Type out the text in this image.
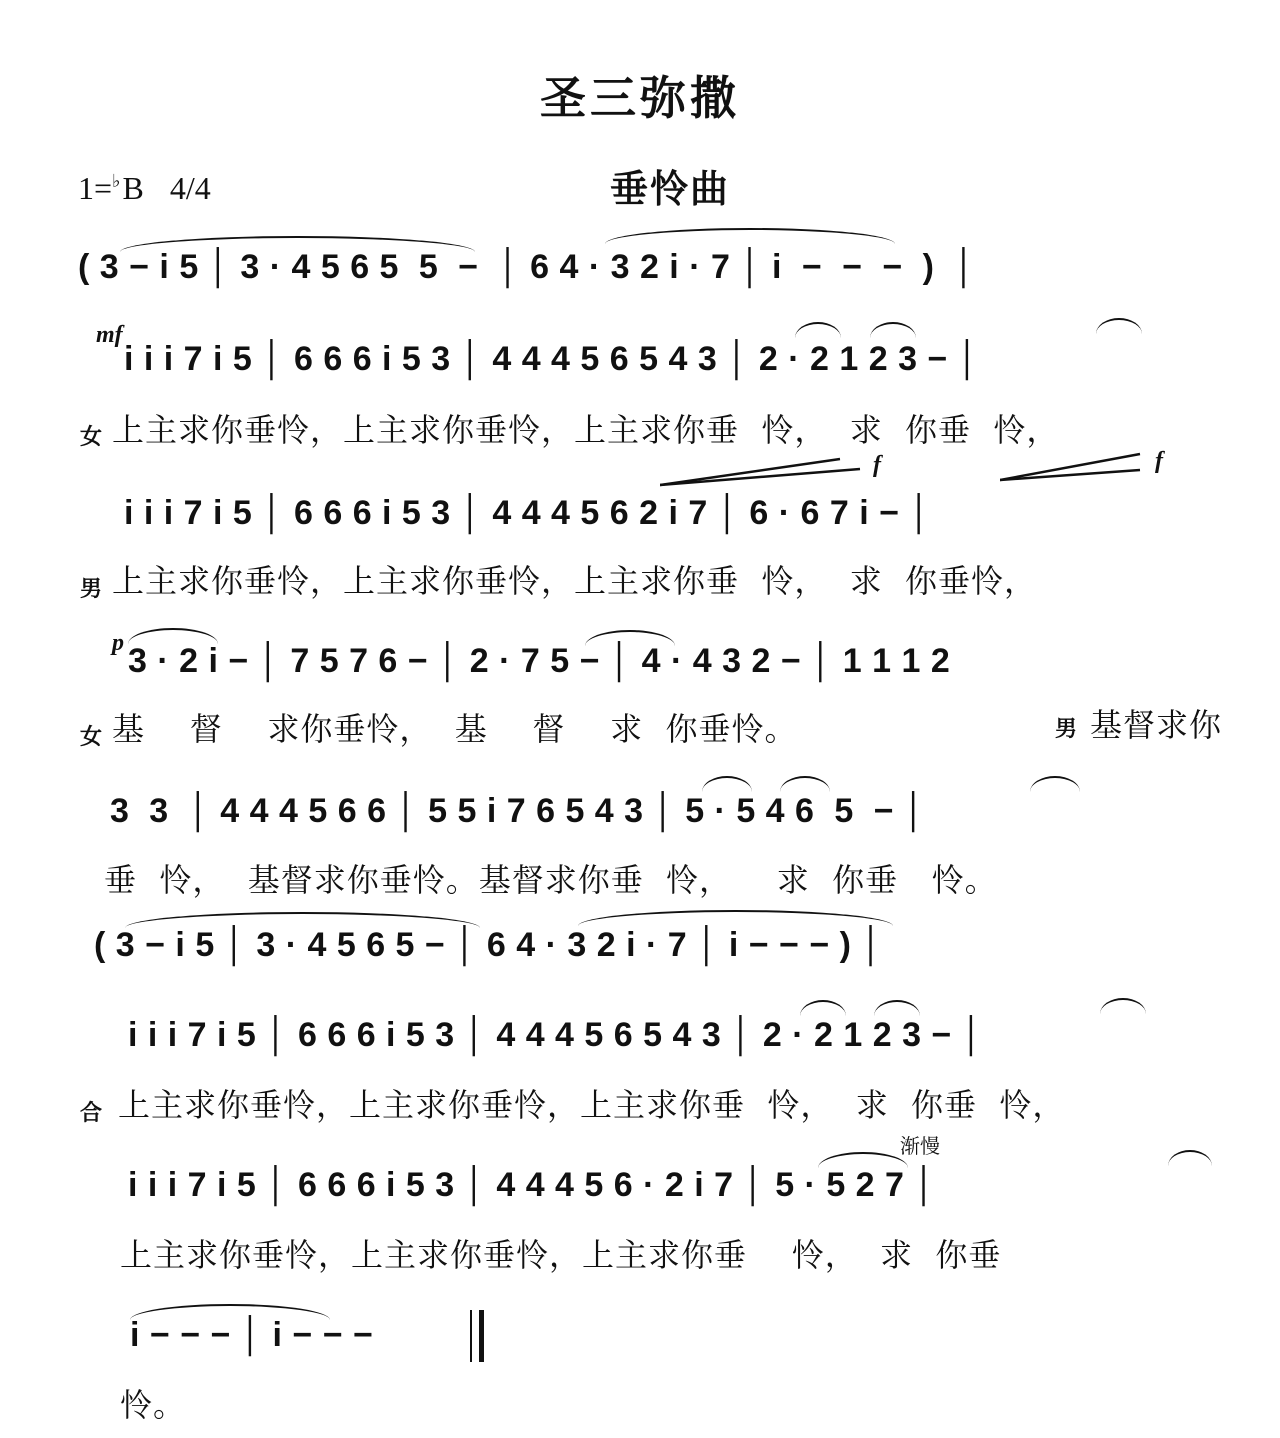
圣三弥撒
垂怜曲
1=♭B 4/4
( 3 − i 5 │ 3 · 4 5 6 5  5  −  │ 6 4 · 3 2 i · 7 │ i  −  −  −  )  │
mf
i i i 7 i 5 │ 6 6 6 i 5 3 │ 4 4 4 5 6 5 4 3 │ 2 · 2 1 2 3 − │
女 上主求你垂怜，上主求你垂怜，上主求你垂  怜，  求  你垂  怜，
f	f
i i i 7 i 5 │ 6 6 6 i 5 3 │ 4 4 4 5 6 2 i 7 │ 6 · 6 7 i − │
男 上主求你垂怜，上主求你垂怜，上主求你垂  怜，  求  你垂怜，
p 3 · 2 i − │ 7 5 7 6 − │ 2 · 7 5 − │ 4 · 4 3 2 − │ 1 1 1 2
女 基    督    求你垂怜，  基    督    求  你垂怜。	男 基督求你
3  3  │ 4 4 4 5 6 6 │ 5 5 i 7 6 5 4 3 │ 5 · 5 4 6  5  − │
垂  怜，  基督求你垂怜。基督求你垂  怜，    求  你垂   怜。
( 3 − i 5 │ 3 · 4 5 6 5 − │ 6 4 · 3 2 i · 7 │ i − − − ) │
i i i 7 i 5 │ 6 6 6 i 5 3 │ 4 4 4 5 6 5 4 3 │ 2 · 2 1 2 3 − │
合 上主求你垂怜，上主求你垂怜，上主求你垂  怜，  求  你垂  怜，
渐慢
i i i 7 i 5 │ 6 6 6 i 5 3 │ 4 4 4 5 6 · 2 i 7 │ 5 · 5 2 7 │
上主求你垂怜，上主求你垂怜，上主求你垂    怜，  求  你垂
i − − − │ i − − −
怜。
